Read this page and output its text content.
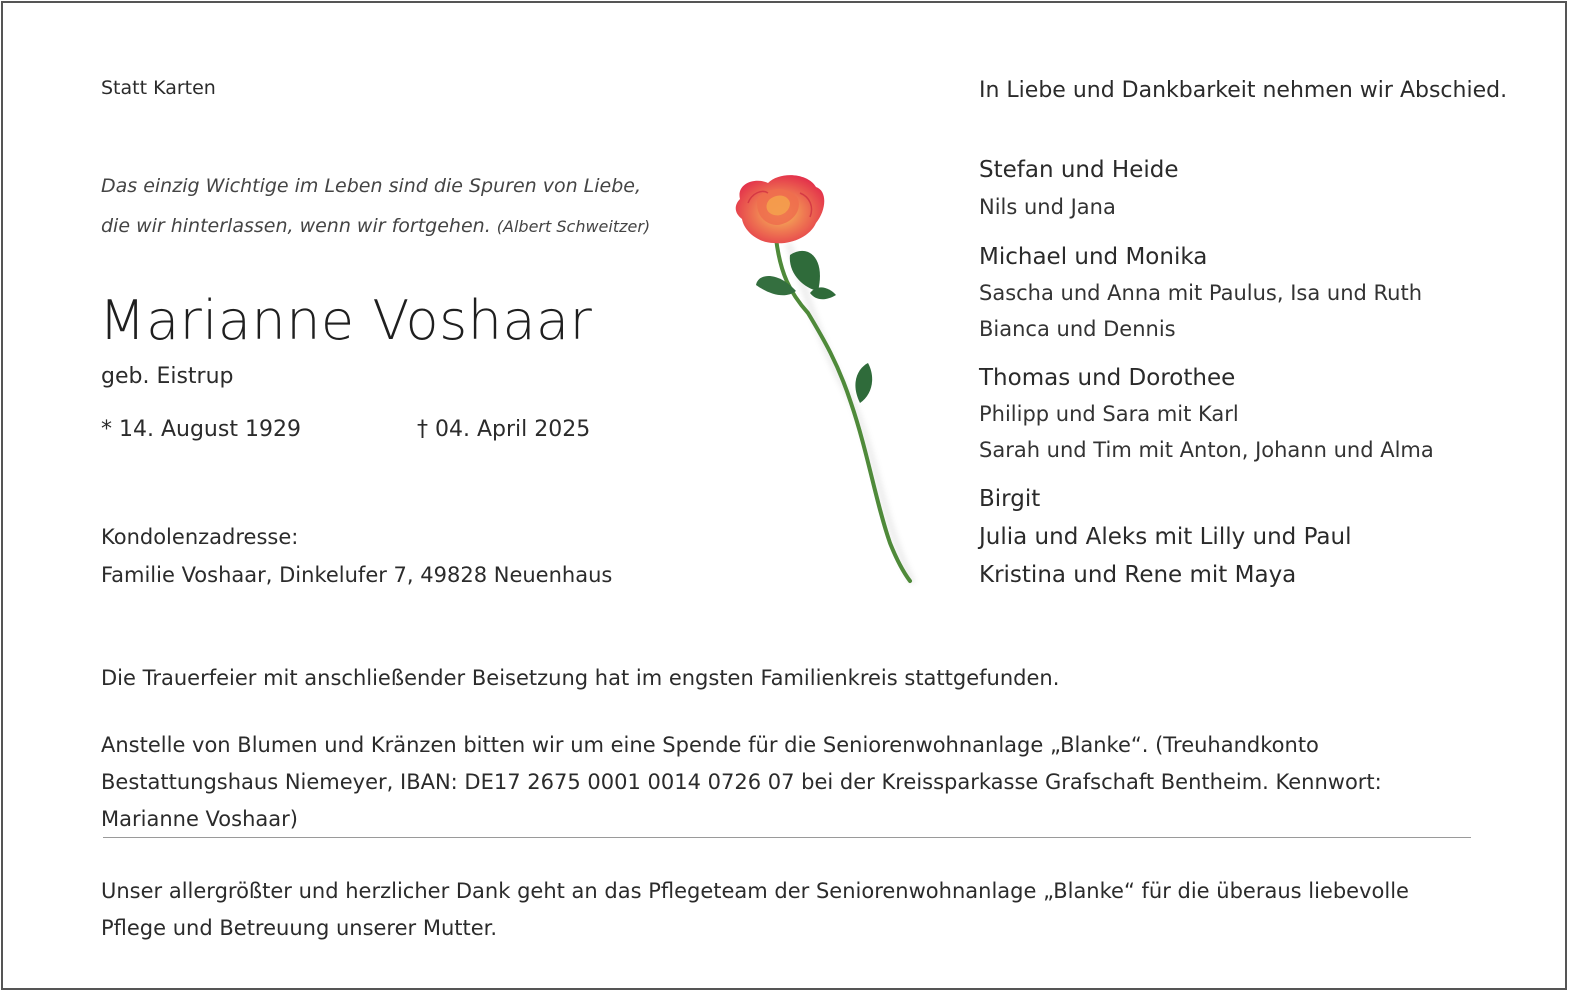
Statt Karten
Das einzig Wichtige im Leben sind die Spuren von Liebe,
die wir hinterlassen, wenn wir fortgehen. (Albert Schweitzer)
Marianne Voshaar
geb. Eistrup
* 14. August 1929	† 04. April 2025
Kondolenzadresse:
Familie Voshaar, Dinkelufer 7, 49828 Neuenhaus
In Liebe und Dankbarkeit nehmen wir Abschied.
Stefan und Heide
Nils und Jana
Michael und Monika
Sascha und Anna mit Paulus, Isa und Ruth
Bianca und Dennis
Thomas und Dorothee
Philipp und Sara mit Karl
Sarah und Tim mit Anton, Johann und Alma
Birgit
Julia und Aleks mit Lilly und Paul
Kristina und Rene mit Maya
Die Trauerfeier mit anschließender Beisetzung hat im engsten Familienkreis stattgefunden.
Anstelle von Blumen und Kränzen bitten wir um eine Spende für die Seniorenwohnanlage „Blanke“. (Treuhandkonto Bestattungshaus Niemeyer, IBAN: DE17 2675 0001 0014 0726 07 bei der Kreissparkasse Grafschaft Bentheim. Kennwort: Marianne Voshaar)
Unser allergrößter und herzlicher Dank geht an das Pflegeteam der Seniorenwohnanlage „Blanke“ für die überaus liebevolle Pflege und Betreuung unserer Mutter.
